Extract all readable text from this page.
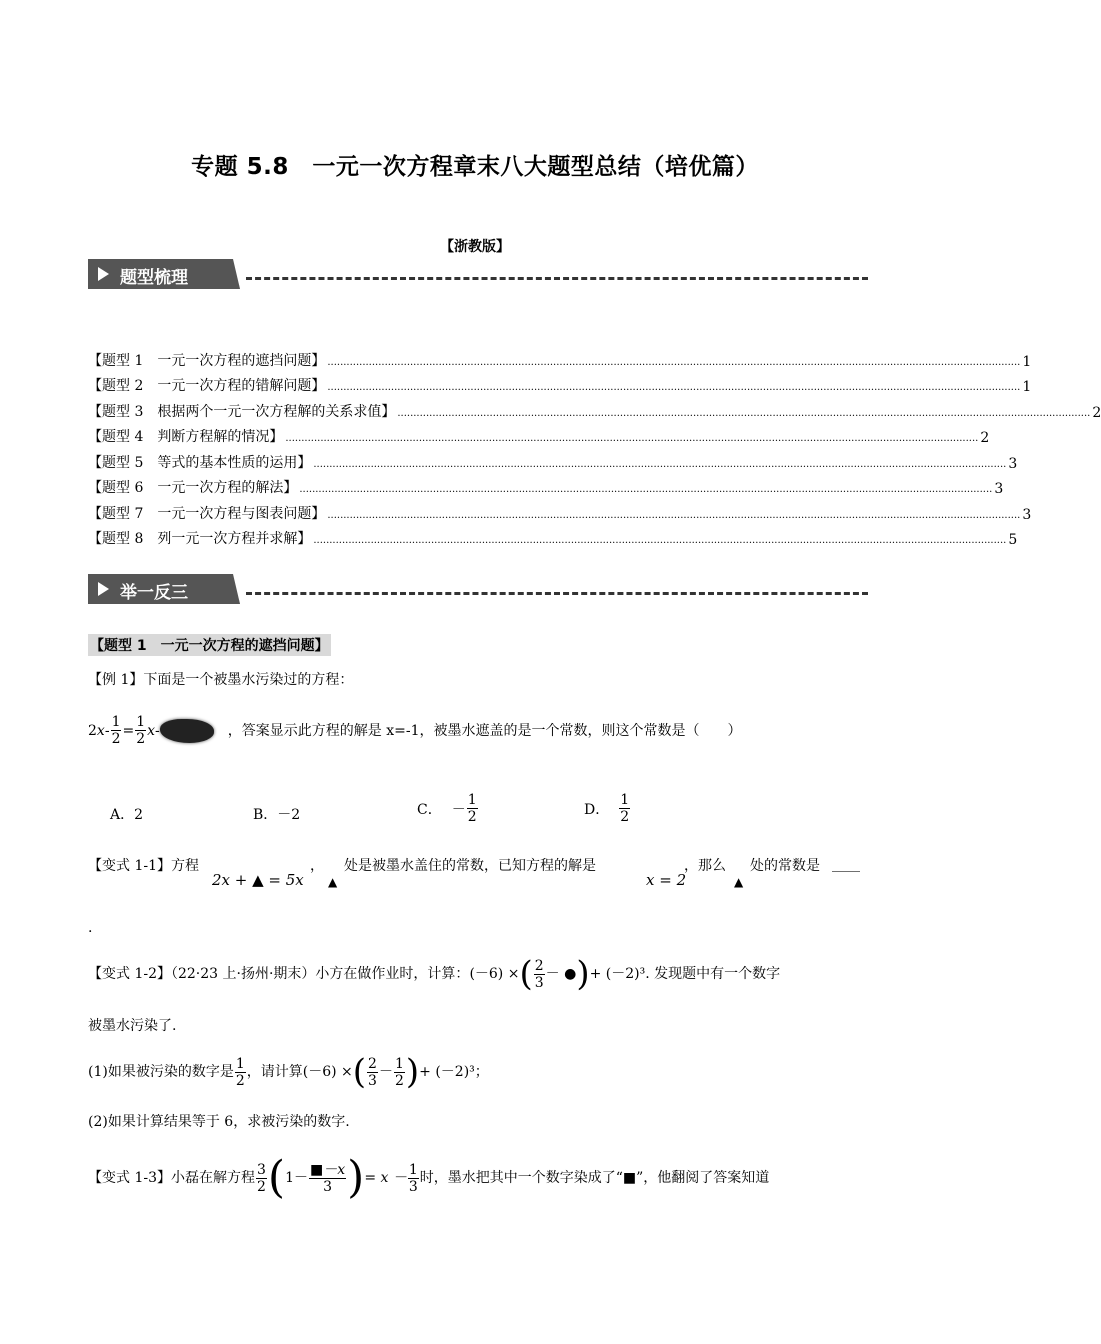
专题 5.8　一元一次方程章末八大题型总结（培优篇）
【浙教版】
题型梳理
【题型 1　一元一次方程的遮挡问题】 .......................................................................................................................................................................................................................... 1
【题型 2　一元一次方程的错解问题】 .......................................................................................................................................................................................................................... 1
【题型 3　根据两个一元一次方程解的关系求值】 .......................................................................................................................................................................................................................... 2
【题型 4　判断方程解的情况】 .......................................................................................................................................................................................................................... 2
【题型 5　等式的基本性质的运用】 .......................................................................................................................................................................................................................... 3
【题型 6　一元一次方程的解法】 .......................................................................................................................................................................................................................... 3
【题型 7　一元一次方程与图表问题】 .......................................................................................................................................................................................................................... 3
【题型 8　列一元一次方程并求解】 .......................................................................................................................................................................................................................... 5
举一反三
【题型 1　一元一次方程的遮挡问题】
【例 1】下面是一个被墨水污染过的方程：
2 $x - \frac{1}{2} = \frac{1}{2}$ x -	，答案显示此方程的解是 x=-1，被墨水遮盖的是一个常数，则这个常数是（　　）
A．2	B．－2	C． － $\frac{1}{2}$	D． $\frac{1}{2}$
【变式 1-1】方程
2x + ▲ = 5x
，
▲
处是被墨水盖住的常数，已知方程的解是
x = 2
，那么
▲
处的常数是 ＿＿
.
【变式 1-2】（22·23 上·扬州·期末）小方在做作业时，计算： (－6) × ( $\frac{2}{3}$ － ● ) + (－2)³ . 发现题中有一个数字
被墨水污染了.
(1)如果被污染的数字是 $\frac{1}{2}$ ，请计算 (－6) × ( $\frac{2}{3} - \frac{1}{2}$ ) + (－2)³；
(2)如果计算结果等于 6，求被污染的数字.
【变式 1-3】小磊在解方程 $\frac{3}{2}$ ( $1- \frac{■-x}{3}$ ) = $x - \frac{1}{3}$ 时，墨水把其中一个数字染成了“■”，他翻阅了答案知道
